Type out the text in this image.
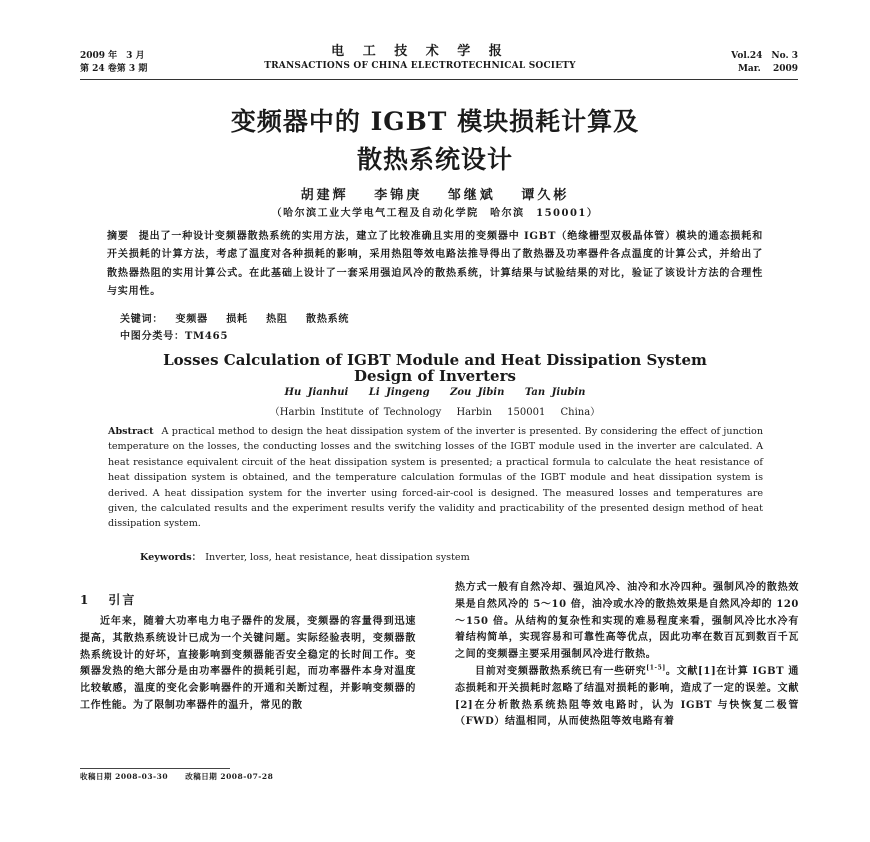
2009 年　3 月
第 24 卷第 3 期
电 工 技 术 学 报
TRANSACTIONS OF CHINA ELECTROTECHNICAL SOCIETY
Vol.24　No. 3
Mar.　 2009
变频器中的 IGBT 模块损耗计算及
散热系统设计
胡建辉 李锦庚 邹继斌 谭久彬
（哈尔滨工业大学电气工程及自动化学院　哈尔滨　150001）
摘要 提出了一种设计变频器散热系统的实用方法，建立了比较准确且实用的变频器中 IGBT（绝缘栅型双极晶体管）模块的通态损耗和开关损耗的计算方法，考虑了温度对各种损耗的影响，采用热阻等效电路法推导得出了散热器及功率器件各点温度的计算公式，并给出了散热器热阻的实用计算公式。在此基础上设计了一套采用强迫风冷的散热系统，计算结果与试验结果的对比，验证了该设计方法的合理性与实用性。
关键词： 变频器 损耗 热阻 散热系统
中图分类号：TM465
Losses Calculation of IGBT Module and Heat Dissipation System
Design of Inverters
Hu Jianhui Li Jingeng Zou Jibin Tan Jiubin
（Harbin Institute of Technology　 Harbin　 150001　 China）
Abstract A practical method to design the heat dissipation system of the inverter is presented. By considering the effect of junction temperature on the losses, the conducting losses and the switching losses of the IGBT module used in the inverter are calculated. A heat resistance equivalent circuit of the heat dissipation system is presented; a practical formula to calculate the heat resistance of heat dissipation system is obtained, and the temperature calculation formulas of the IGBT module and heat dissipation system is derived. A heat dissipation system for the inverter using forced-air-cool is designed. The measured losses and temperatures are given, the calculated results and the experiment results verify the validity and practicability of the presented design method of heat dissipation system.
Keywords： Inverter, loss, heat resistance, heat dissipation system
1 引言

近年来，随着大功率电力电子器件的发展，变频器的容量得到迅速提高，其散热系统设计已成为一个关键问题。实际经验表明，变频器散热系统设计的好坏，直接影响到变频器能否安全稳定的长时间工作。变频器发热的绝大部分是由功率器件的损耗引起，而功率器件本身对温度比较敏感，温度的变化会影响器件的开通和关断过程，并影响变频器的工作性能。为了限制功率器件的温升，常见的散

热方式一般有自然冷却、强迫风冷、油冷和水冷四种。强制风冷的散热效果是自然风冷的 5～10 倍，油冷或水冷的散热效果是自然风冷却的 120～150 倍。从结构的复杂性和实现的难易程度来看，强制风冷比水冷有着结构简单，实现容易和可靠性高等优点，因此功率在数百瓦到数百千瓦之间的变频器主要采用强制风冷进行散热。

目前对变频器散热系统已有一些研究[1-5]。文献[1]在计算 IGBT 通态损耗和开关损耗时忽略了结温对损耗的影响，造成了一定的误差。文献[2]在分析散热系统热阻等效电路时，认为 IGBT 与快恢复二极管（FWD）结温相同，从而使热阻等效电路有着

收稿日期 2008-03-30 改稿日期 2008-07-28
